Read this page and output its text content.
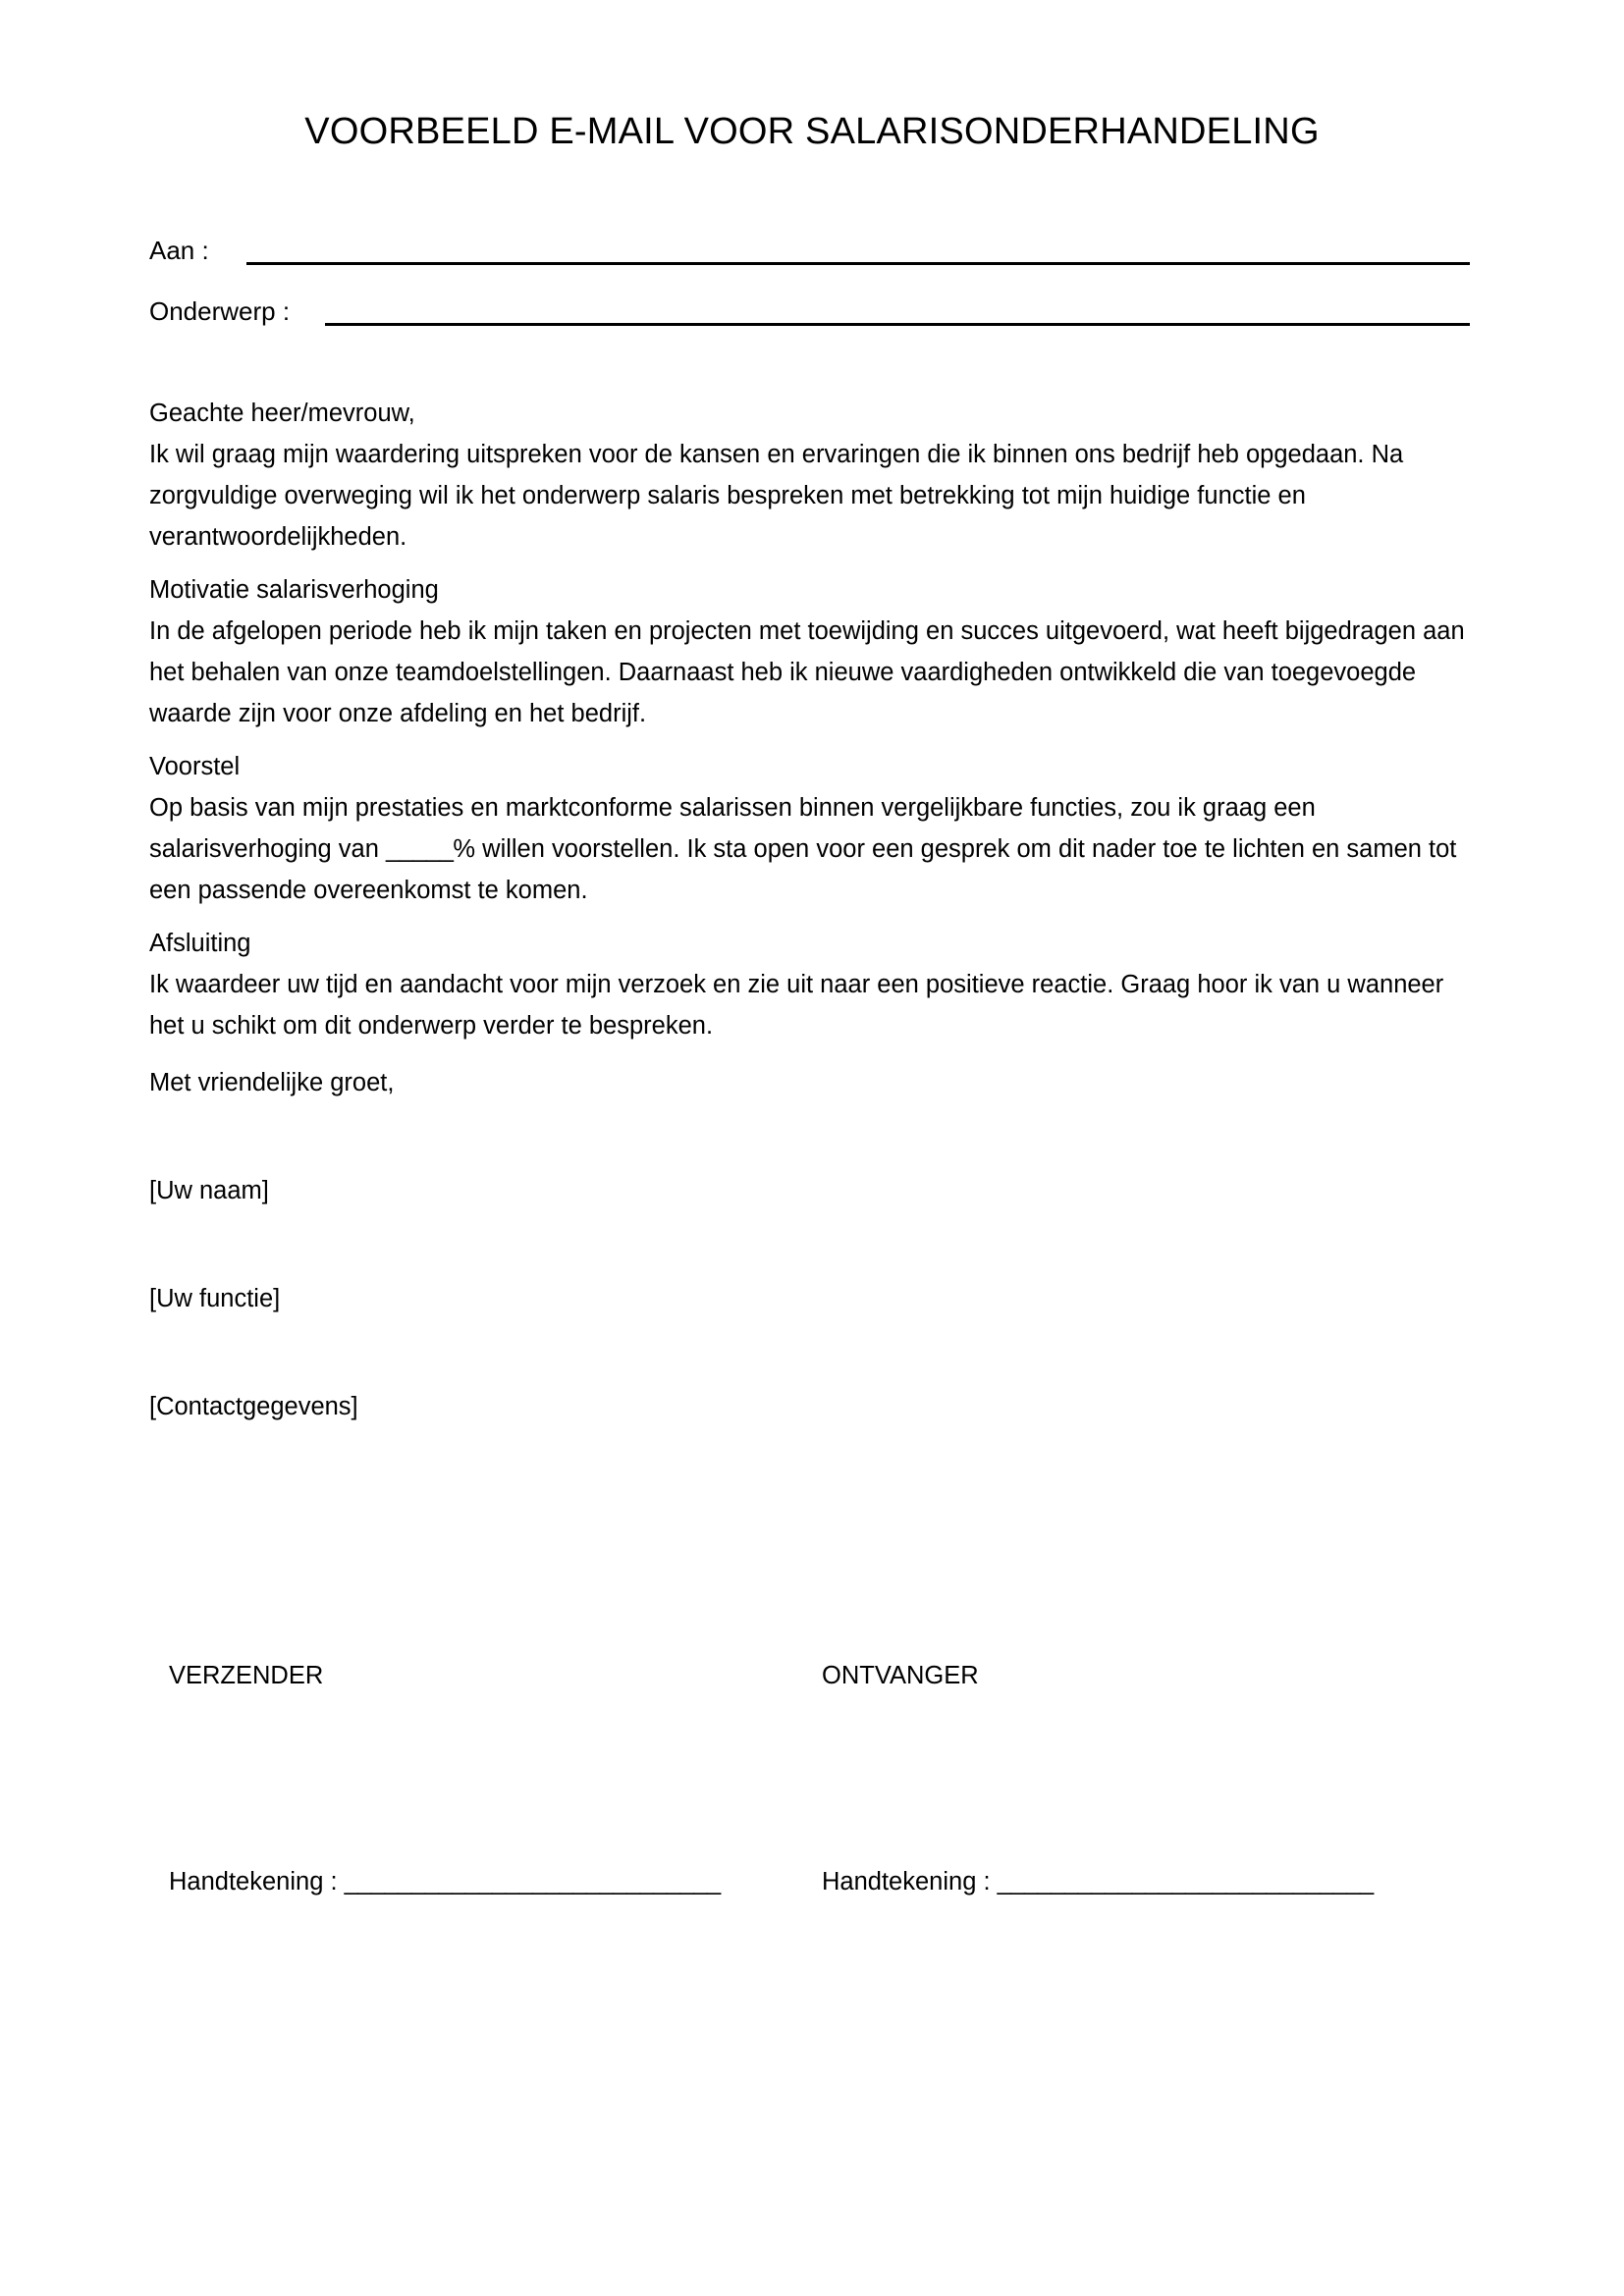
VOORBEELD E-MAIL VOOR SALARISONDERHANDELING
Aan :
Onderwerp :
Geachte heer/mevrouw,
Ik wil graag mijn waardering uitspreken voor de kansen en ervaringen die ik binnen ons bedrijf heb opgedaan. Na zorgvuldige overweging wil ik het onderwerp salaris bespreken met betrekking tot mijn huidige functie en verantwoordelijkheden.
Motivatie salarisverhoging
In de afgelopen periode heb ik mijn taken en projecten met toewijding en succes uitgevoerd, wat heeft bijgedragen aan het behalen van onze teamdoelstellingen. Daarnaast heb ik nieuwe vaardigheden ontwikkeld die van toegevoegde waarde zijn voor onze afdeling en het bedrijf.
Voorstel
Op basis van mijn prestaties en marktconforme salarissen binnen vergelijkbare functies, zou ik graag een salarisverhoging van _____% willen voorstellen. Ik sta open voor een gesprek om dit nader toe te lichten en samen tot een passende overeenkomst te komen.
Afsluiting
Ik waardeer uw tijd en aandacht voor mijn verzoek en zie uit naar een positieve reactie. Graag hoor ik van u wanneer het u schikt om dit onderwerp verder te bespreken.
Met vriendelijke groet,
[Uw naam]
[Uw functie]
[Contactgegevens]
VERZENDER	ONTVANGER
Handtekening : ____________________________	Handtekening : ____________________________
